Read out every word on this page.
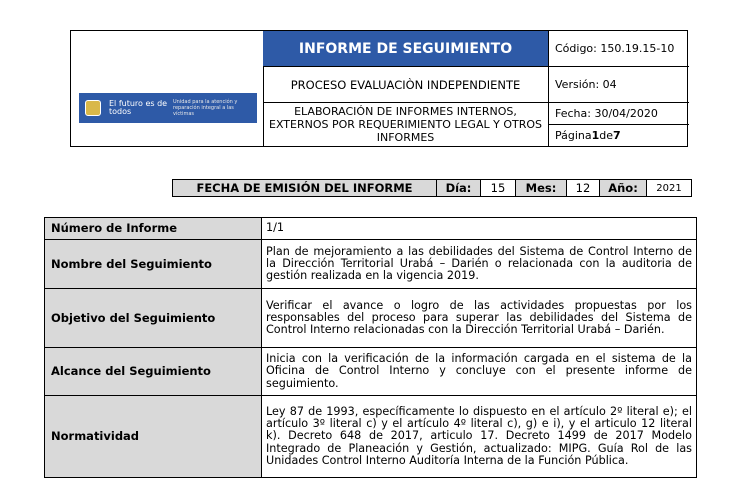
El futuro es de todos
Unidad para la atención y reparación integral a las víctimas
INFORME DE SEGUIMIENTO
PROCESO EVALUACIÒN INDEPENDIENTE
ELABORACIÓN DE INFORMES INTERNOS, EXTERNOS POR REQUERIMIENTO LEGAL Y OTROS INFORMES
Código: 150.19.15-10
Versión: 04
Fecha: 30/04/2020
Página 1 de 7
FECHA DE EMISIÓN DEL INFORME	Día:	15	Mes:	12	Año:	2021
Número de Informe	1/1
Nombre del Seguimiento	Plan de mejoramiento a las debilidades del Sistema de Control Interno de la Dirección Territorial Urabá – Darién o relacionada con la auditoria de gestión realizada en la vigencia 2019.
Objetivo del Seguimiento	Verificar el avance o logro de las actividades propuestas por los responsables del proceso para superar las debilidades del Sistema de Control Interno relacionadas con la Dirección Territorial Urabá – Darién.
Alcance del Seguimiento	Inicia con la verificación de la información cargada en el sistema de la Oficina de Control Interno y concluye con el presente informe de seguimiento.
Normatividad	Ley 87 de 1993, específicamente lo dispuesto en el artículo 2º literal e); el artículo 3º literal c) y el artículo 4º literal c), g) e i), y el articulo 12 literal k). Decreto 648 de 2017, articulo 17. Decreto 1499 de 2017 Modelo Integrado de Planeación y Gestión, actualizado: MIPG. Guía Rol de las Unidades Control Interno Auditoría Interna de la Función Pública.
